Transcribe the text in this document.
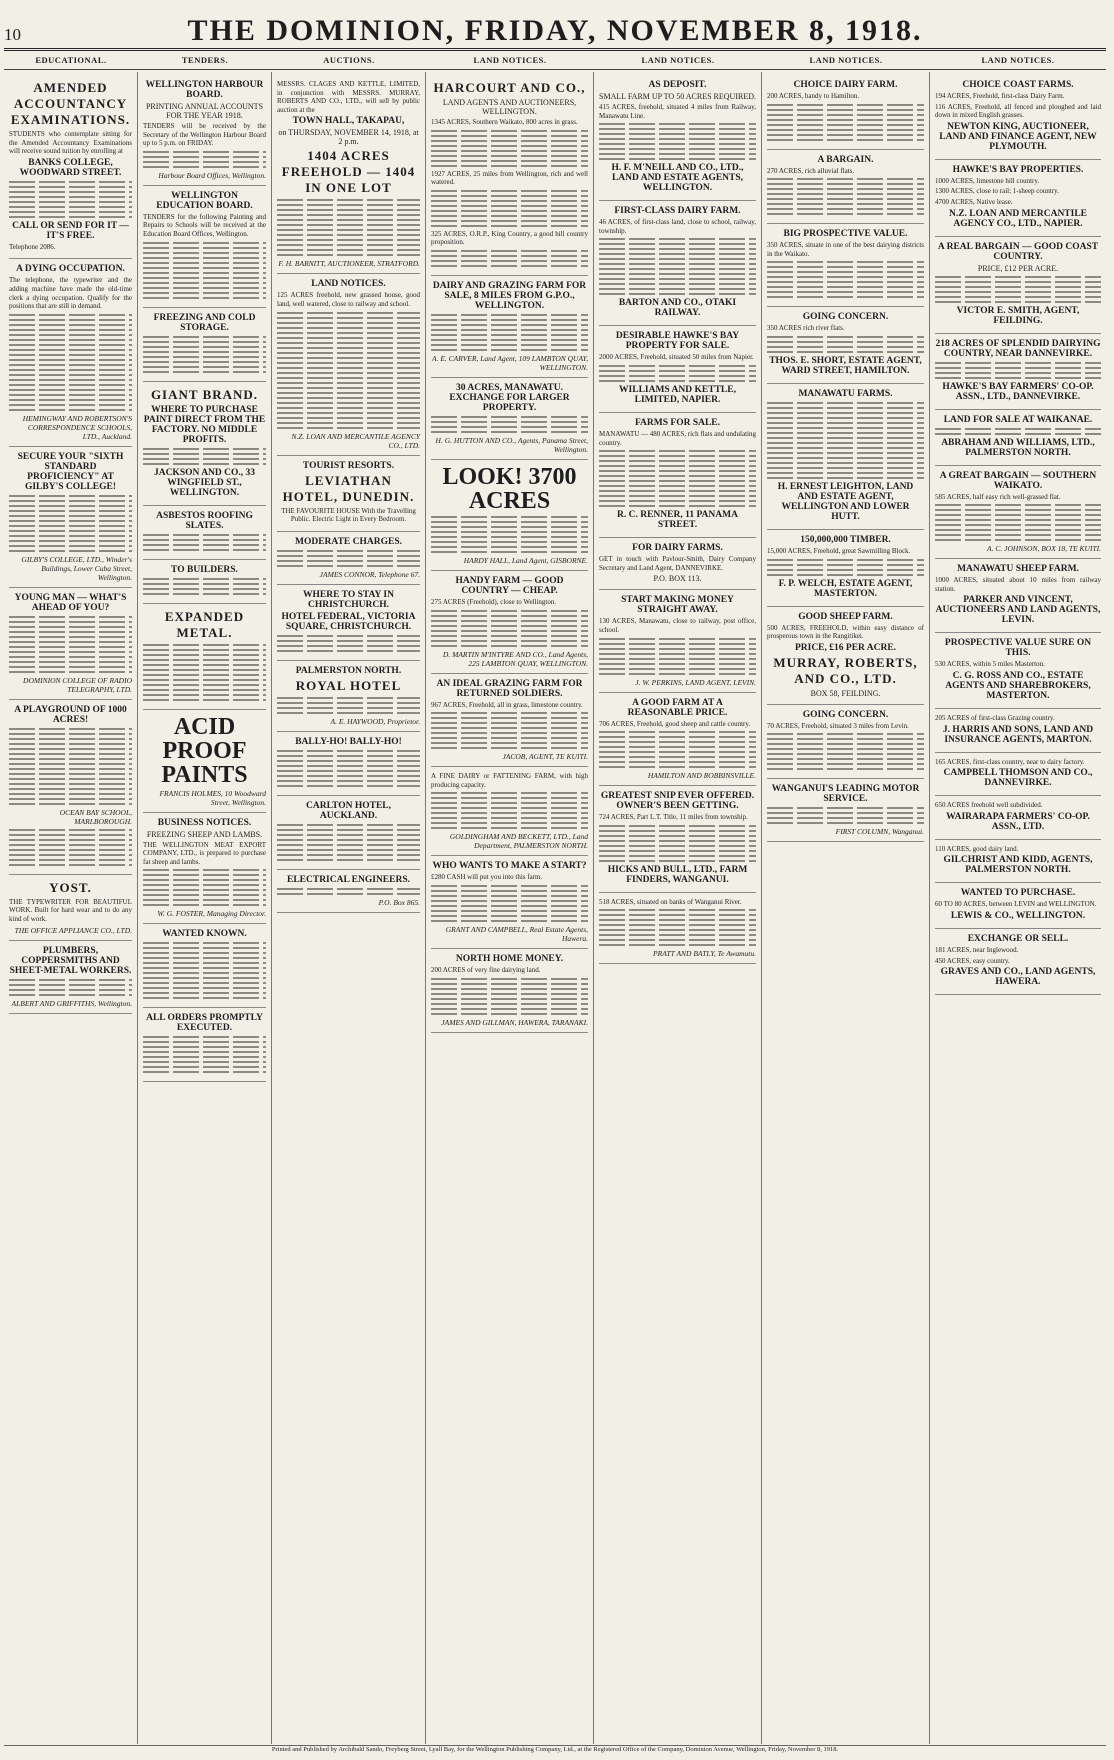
10	THE DOMINION, FRIDAY, NOVEMBER 8, 1918.
EDUCATIONAL.	TENDERS.	AUCTIONS.	LAND NOTICES.	LAND NOTICES.	LAND NOTICES.	LAND NOTICES.
AMENDED ACCOUNTANCY EXAMINATIONS.
STUDENTS who contemplate sitting for the Amended Accountancy Examinations will receive sound tuition by enrolling at
BANKS COLLEGE, WOODWARD STREET.
CALL OR SEND FOR IT — IT'S FREE.
Telephone 2086.
A DYING OCCUPATION.
The telephone, the typewriter and the adding machine have made the old-time clerk a dying occupation. Qualify for the positions that are still in demand.
HEMINGWAY AND ROBERTSON'S CORRESPONDENCE SCHOOLS, LTD., Auckland.
SECURE YOUR "SIXTH STANDARD PROFICIENCY" AT GILBY'S COLLEGE!
GILBY'S COLLEGE, LTD., Winder's Buildings, Lower Cuba Street, Wellington.
YOUNG MAN — WHAT'S AHEAD OF YOU?
DOMINION COLLEGE OF RADIO TELEGRAPHY, LTD.
A PLAYGROUND OF 1000 ACRES!
OCEAN BAY SCHOOL, MARLBOROUGH.
YOST.
THE TYPEWRITER FOR BEAUTIFUL WORK. Built for hard wear and to do any kind of work.
THE OFFICE APPLIANCE CO., LTD.
PLUMBERS, COPPERSMITHS AND SHEET-METAL WORKERS.
ALBERT AND GRIFFITHS, Wellington.
WELLINGTON HARBOUR BOARD.
PRINTING ANNUAL ACCOUNTS FOR THE YEAR 1918.
TENDERS will be received by the Secretary of the Wellington Harbour Board up to 5 p.m. on FRIDAY.
Harbour Board Offices, Wellington.
WELLINGTON EDUCATION BOARD.
TENDERS for the following Painting and Repairs to Schools will be received at the Education Board Offices, Wellington.
FREEZING AND COLD STORAGE.
GIANT BRAND.
WHERE TO PURCHASE PAINT DIRECT FROM THE FACTORY. NO MIDDLE PROFITS.
JACKSON AND CO., 33 WINGFIELD ST., WELLINGTON.
ASBESTOS ROOFING SLATES.
TO BUILDERS.
EXPANDED METAL.
ACID PROOF PAINTS
FRANCIS HOLMES, 10 Woodward Street, Wellington.
BUSINESS NOTICES.
FREEZING SHEEP AND LAMBS.
THE WELLINGTON MEAT EXPORT COMPANY, LTD., is prepared to purchase fat sheep and lambs.
W. G. FOSTER, Managing Director.
WANTED KNOWN.
ALL ORDERS PROMPTLY EXECUTED.
MESSRS. CLAGES AND KETTLE, LIMITED, in conjunction with MESSRS. MURRAY, ROBERTS AND CO., LTD., will sell by public auction at the
TOWN HALL, TAKAPAU,
on THURSDAY, NOVEMBER 14, 1918, at 2 p.m.
1404 ACRES FREEHOLD — 1404 IN ONE LOT
F. H. BARNITT, AUCTIONEER, STRATFORD.
LAND NOTICES.
125 ACRES freehold, new grassed house, good land, well watered, close to railway and school.
N.Z. LOAN AND MERCANTILE AGENCY CO., LTD.
TOURIST RESORTS.
LEVIATHAN HOTEL, DUNEDIN.
THE FAVOURITE HOUSE With the Travelling Public. Electric Light in Every Bedroom.
MODERATE CHARGES.
JAMES CONNOR, Telephone 67.
WHERE TO STAY IN CHRISTCHURCH.
HOTEL FEDERAL, VICTORIA SQUARE, CHRISTCHURCH.
PALMERSTON NORTH.
ROYAL HOTEL
A. E. HAYWOOD, Proprietor.
BALLY-HO! BALLY-HO!
CARLTON HOTEL, AUCKLAND.
ELECTRICAL ENGINEERS.
P.O. Box 865.
HARCOURT AND CO.,
LAND AGENTS AND AUCTIONEERS, WELLINGTON.
1345 ACRES, Southern Waikato, 800 acres in grass.
1927 ACRES, 25 miles from Wellington, rich and well watered.
325 ACRES, O.R.P., King Country, a good hill country proposition.
DAIRY AND GRAZING FARM FOR SALE, 8 MILES FROM G.P.O., WELLINGTON.
A. E. CARVER, Land Agent, 109 LAMBTON QUAY, WELLINGTON.
30 ACRES, MANAWATU. EXCHANGE FOR LARGER PROPERTY.
H. G. HUTTON AND CO., Agents, Panama Street, Wellington.
LOOK! 3700 ACRES
HARDY HALL, Land Agent, GISBORNE.
HANDY FARM — GOOD COUNTRY — CHEAP.
275 ACRES (Freehold), close to Wellington.
D. MARTIN M'INTYRE AND CO., Land Agents, 225 LAMBTON QUAY, WELLINGTON.
AN IDEAL GRAZING FARM FOR RETURNED SOLDIERS.
967 ACRES, Freehold, all in grass, limestone country.
JACOB, AGENT, TE KUITI.
A FINE DAIRY or FATTENING FARM, with high producing capacity.
GOLDINGHAM AND BECKETT, LTD., Land Department, PALMERSTON NORTH.
WHO WANTS TO MAKE A START?
£280 CASH will put you into this farm.
GRANT AND CAMPBELL, Real Estate Agents, Hawera.
NORTH HOME MONEY.
200 ACRES of very fine dairying land.
JAMES AND GILLMAN, HAWERA, TARANAKI.
AS DEPOSIT.
SMALL FARM UP TO 50 ACRES REQUIRED.
415 ACRES, freehold, situated 4 miles from Railway, Manawatu Line.
H. F. M'NEILL AND CO., LTD., LAND AND ESTATE AGENTS, WELLINGTON.
FIRST-CLASS DAIRY FARM.
46 ACRES, of first-class land, close to school, railway, township.
BARTON AND CO., OTAKI RAILWAY.
DESIRABLE HAWKE'S BAY PROPERTY FOR SALE.
2000 ACRES, Freehold, situated 50 miles from Napier.
WILLIAMS AND KETTLE, LIMITED, NAPIER.
FARMS FOR SALE.
MANAWATU — 480 ACRES, rich flats and undulating country.
R. C. RENNER, 11 PANAMA STREET.
FOR DAIRY FARMS.
GET in touch with Pavlour-Smith, Dairy Company Secretary and Land Agent, DANNEVIRKE.
P.O. BOX 113.
START MAKING MONEY STRAIGHT AWAY.
130 ACRES, Manawatu, close to railway, post office, school.
J. W. PERKINS, LAND AGENT, LEVIN.
A GOOD FARM AT A REASONABLE PRICE.
706 ACRES, Freehold, good sheep and cattle country.
HAMILTON AND ROBBINSVILLE.
GREATEST SNIP EVER OFFERED. OWNER'S BEEN GETTING.
724 ACRES, Part L.T. Title, 11 miles from township.
HICKS AND BULL, LTD., FARM FINDERS, WANGANUI.
518 ACRES, situated on banks of Wanganui River.
PRATT AND BATLY, Te Awamutu.
CHOICE DAIRY FARM.
200 ACRES, handy to Hamilton.
A BARGAIN.
270 ACRES, rich alluvial flats.
BIG PROSPECTIVE VALUE.
350 ACRES, situate in one of the best dairying districts in the Waikato.
GOING CONCERN.
350 ACRES rich river flats.
THOS. E. SHORT, ESTATE AGENT, WARD STREET, HAMILTON.
MANAWATU FARMS.
H. ERNEST LEIGHTON, LAND AND ESTATE AGENT, WELLINGTON AND LOWER HUTT.
150,000,000 TIMBER.
15,000 ACRES, Freehold, great Sawmilling Block.
F. P. WELCH, ESTATE AGENT, MASTERTON.
GOOD SHEEP FARM.
500 ACRES, FREEHOLD, within easy distance of prosperous town in the Rangitikei.
PRICE, £16 PER ACRE.
MURRAY, ROBERTS, AND CO., LTD.
BOX 58, FEILDING.
GOING CONCERN.
70 ACRES, Freehold, situated 3 miles from Levin.
WANGANUI'S LEADING MOTOR SERVICE.
FIRST COLUMN, Wanganui.
CHOICE COAST FARMS.
194 ACRES, Freehold, first-class Dairy Farm.
116 ACRES, Freehold, all fenced and ploughed and laid down in mixed English grasses.
NEWTON KING, AUCTIONEER, LAND AND FINANCE AGENT, NEW PLYMOUTH.
HAWKE'S BAY PROPERTIES.
1000 ACRES, limestone hill country.
1300 ACRES, close to rail; 1-sheep country.
4700 ACRES, Native lease.
N.Z. LOAN AND MERCANTILE AGENCY CO., LTD., NAPIER.
A REAL BARGAIN — GOOD COAST COUNTRY.
PRICE, £12 PER ACRE.
VICTOR E. SMITH, AGENT, FEILDING.
218 ACRES OF SPLENDID DAIRYING COUNTRY, NEAR DANNEVIRKE.
HAWKE'S BAY FARMERS' CO-OP. ASSN., LTD., DANNEVIRKE.
LAND FOR SALE AT WAIKANAE.
ABRAHAM AND WILLIAMS, LTD., PALMERSTON NORTH.
A GREAT BARGAIN — SOUTHERN WAIKATO.
585 ACRES, half easy rich well-grassed flat.
A. C. JOHNSON, BOX 18, TE KUITI.
MANAWATU SHEEP FARM.
1000 ACRES, situated about 10 miles from railway station.
PARKER AND VINCENT, AUCTIONEERS AND LAND AGENTS, LEVIN.
PROSPECTIVE VALUE SURE ON THIS.
530 ACRES, within 5 miles Masterton.
C. G. ROSS AND CO., ESTATE AGENTS AND SHAREBROKERS, MASTERTON.
205 ACRES of first-class Grazing country.
J. HARRIS AND SONS, LAND AND INSURANCE AGENTS, MARTON.
165 ACRES, first-class country, near to dairy factory.
CAMPBELL THOMSON AND CO., DANNEVIRKE.
650 ACRES freehold well subdivided.
WAIRARAPA FARMERS' CO-OP. ASSN., LTD.
110 ACRES, good dairy land.
GILCHRIST AND KIDD, AGENTS, PALMERSTON NORTH.
WANTED TO PURCHASE.
60 TO 80 ACRES, between LEVIN and WELLINGTON.
LEWIS & CO., WELLINGTON.
EXCHANGE OR SELL.
181 ACRES, near Inglewood.
450 ACRES, easy country.
GRAVES AND CO., LAND AGENTS, HAWERA.
Printed and Published by Archibald Sando, Freyberg Street, Lyall Bay, for the Wellington Publishing Company, Ltd., at the Registered Office of the Company, Dominion Avenue, Wellington, Friday, November 8, 1918.
